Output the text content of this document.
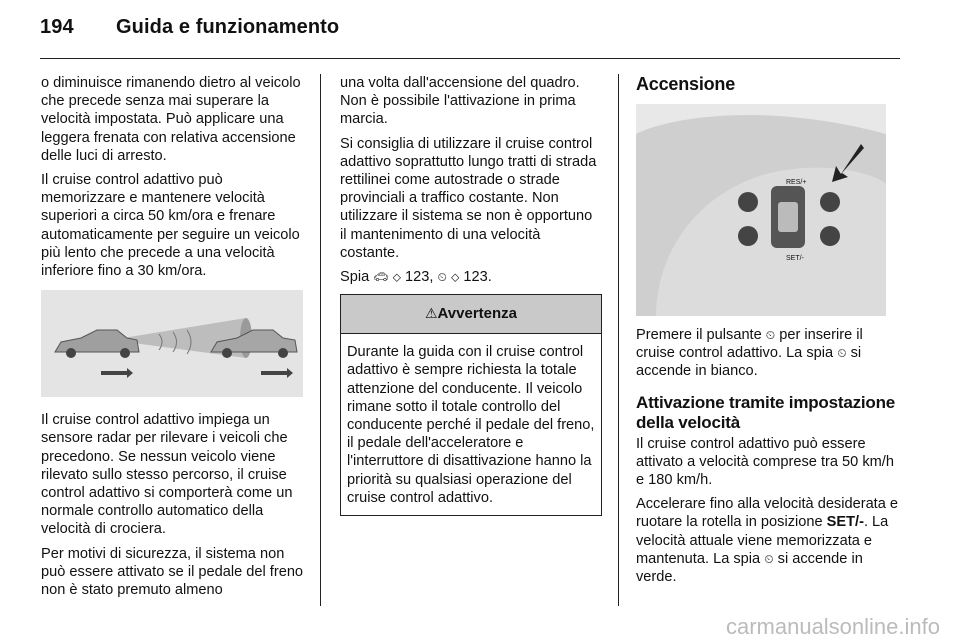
194 Guida e funzionamento

o diminuisce rimanendo dietro al veicolo che precede senza mai superare la velocità impostata. Può applicare una leggera frenata con relativa accensione delle luci di arresto.

Il cruise control adattivo può memorizzare e mantenere velocità superiori a circa 50 km/ora e frenare automaticamente per seguire un veicolo più lento che precede a una velocità inferiore fino a 30 km/ora.

Il cruise control adattivo impiega un sensore radar per rilevare i veicoli che precedono. Se nessun veicolo viene rilevato sullo stesso percorso, il cruise control adattivo si comporterà come un normale controllo automatico della velocità di crociera.

Per motivi di sicurezza, il sistema non può essere attivato se il pedale del freno non è stato premuto almeno

una volta dall'accensione del quadro. Non è possibile l'attivazione in prima marcia.

Si consiglia di utilizzare il cruise control adattivo soprattutto lungo tratti di strada rettilinei come autostrade o strade provinciali a traffico costante. Non utilizzare il sistema se non è opportuno il mantenimento di una velocità costante.

Spia 🚗︎ ⬦ 123, ⏲ ⬦ 123.

⚠Avvertenza
Durante la guida con il cruise control adattivo è sempre richiesta la totale attenzione del conducente. Il veicolo rimane sotto il totale controllo del conducente perché il pedale del freno, il pedale dell'acceleratore e l'interruttore di disattivazione hanno la priorità su qualsiasi operazione del cruise control adattivo.
Accensione
RES/+
SET/-

Premere il pulsante ⏲ per inserire il cruise control adattivo. La spia ⏲ si accende in bianco.

Attivazione tramite impostazione della velocità

Il cruise control adattivo può essere attivato a velocità comprese tra 50 km/h e 180 km/h.

Accelerare fino alla velocità desiderata e ruotare la rotella in posizione SET/-. La velocità attuale viene memorizzata e mantenuta. La spia ⏲ si accende in verde.

carmanualsonline.info
